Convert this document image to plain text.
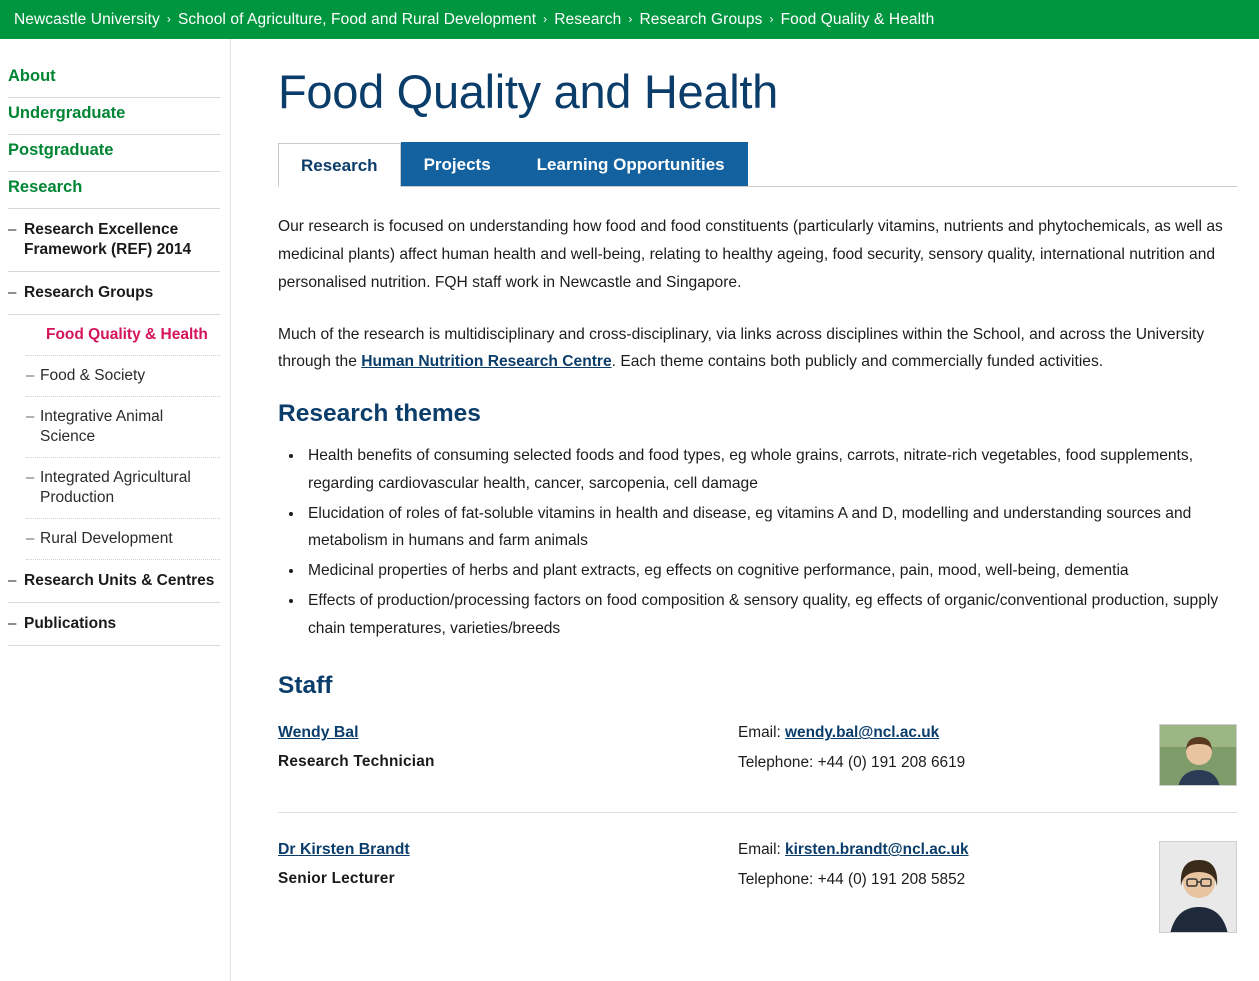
Newcastle University › School of Agriculture, Food and Rural Development › Research › Research Groups › Food Quality & Health
About
Undergraduate
Postgraduate
Research
– Research Excellence Framework (REF) 2014
– Research Groups
Food Quality & Health
– Food & Society
– Integrative Animal Science
– Integrated Agricultural Production
– Rural Development
– Research Units & Centres
– Publications
Food Quality and Health
Research	Projects	Learning Opportunities

Our research is focused on understanding how food and food constituents (particularly vitamins, nutrients and phytochemicals, as well as medicinal plants) affect human health and well-being, relating to healthy ageing, food security, sensory quality, international nutrition and personalised nutrition. FQH staff work in Newcastle and Singapore.

Much of the research is multidisciplinary and cross-disciplinary, via links across disciplines within the School, and across the University through the Human Nutrition Research Centre. Each theme contains both publicly and commercially funded activities.

Research themes
• Health benefits of consuming selected foods and food types, eg whole grains, carrots, nitrate-rich vegetables, food supplements, regarding cardiovascular health, cancer, sarcopenia, cell damage
• Elucidation of roles of fat-soluble vitamins in health and disease, eg vitamins A and D, modelling and understanding sources and metabolism in humans and farm animals
• Medicinal properties of herbs and plant extracts, eg effects on cognitive performance, pain, mood, well-being, dementia
• Effects of production/processing factors on food composition & sensory quality, eg effects of organic/conventional production, supply chain temperatures, varieties/breeds
Staff
Wendy Bal
Research Technician
Email: wendy.bal@ncl.ac.uk
Telephone: +44 (0) 191 208 6619
Dr Kirsten Brandt
Senior Lecturer
Email: kirsten.brandt@ncl.ac.uk
Telephone: +44 (0) 191 208 5852
